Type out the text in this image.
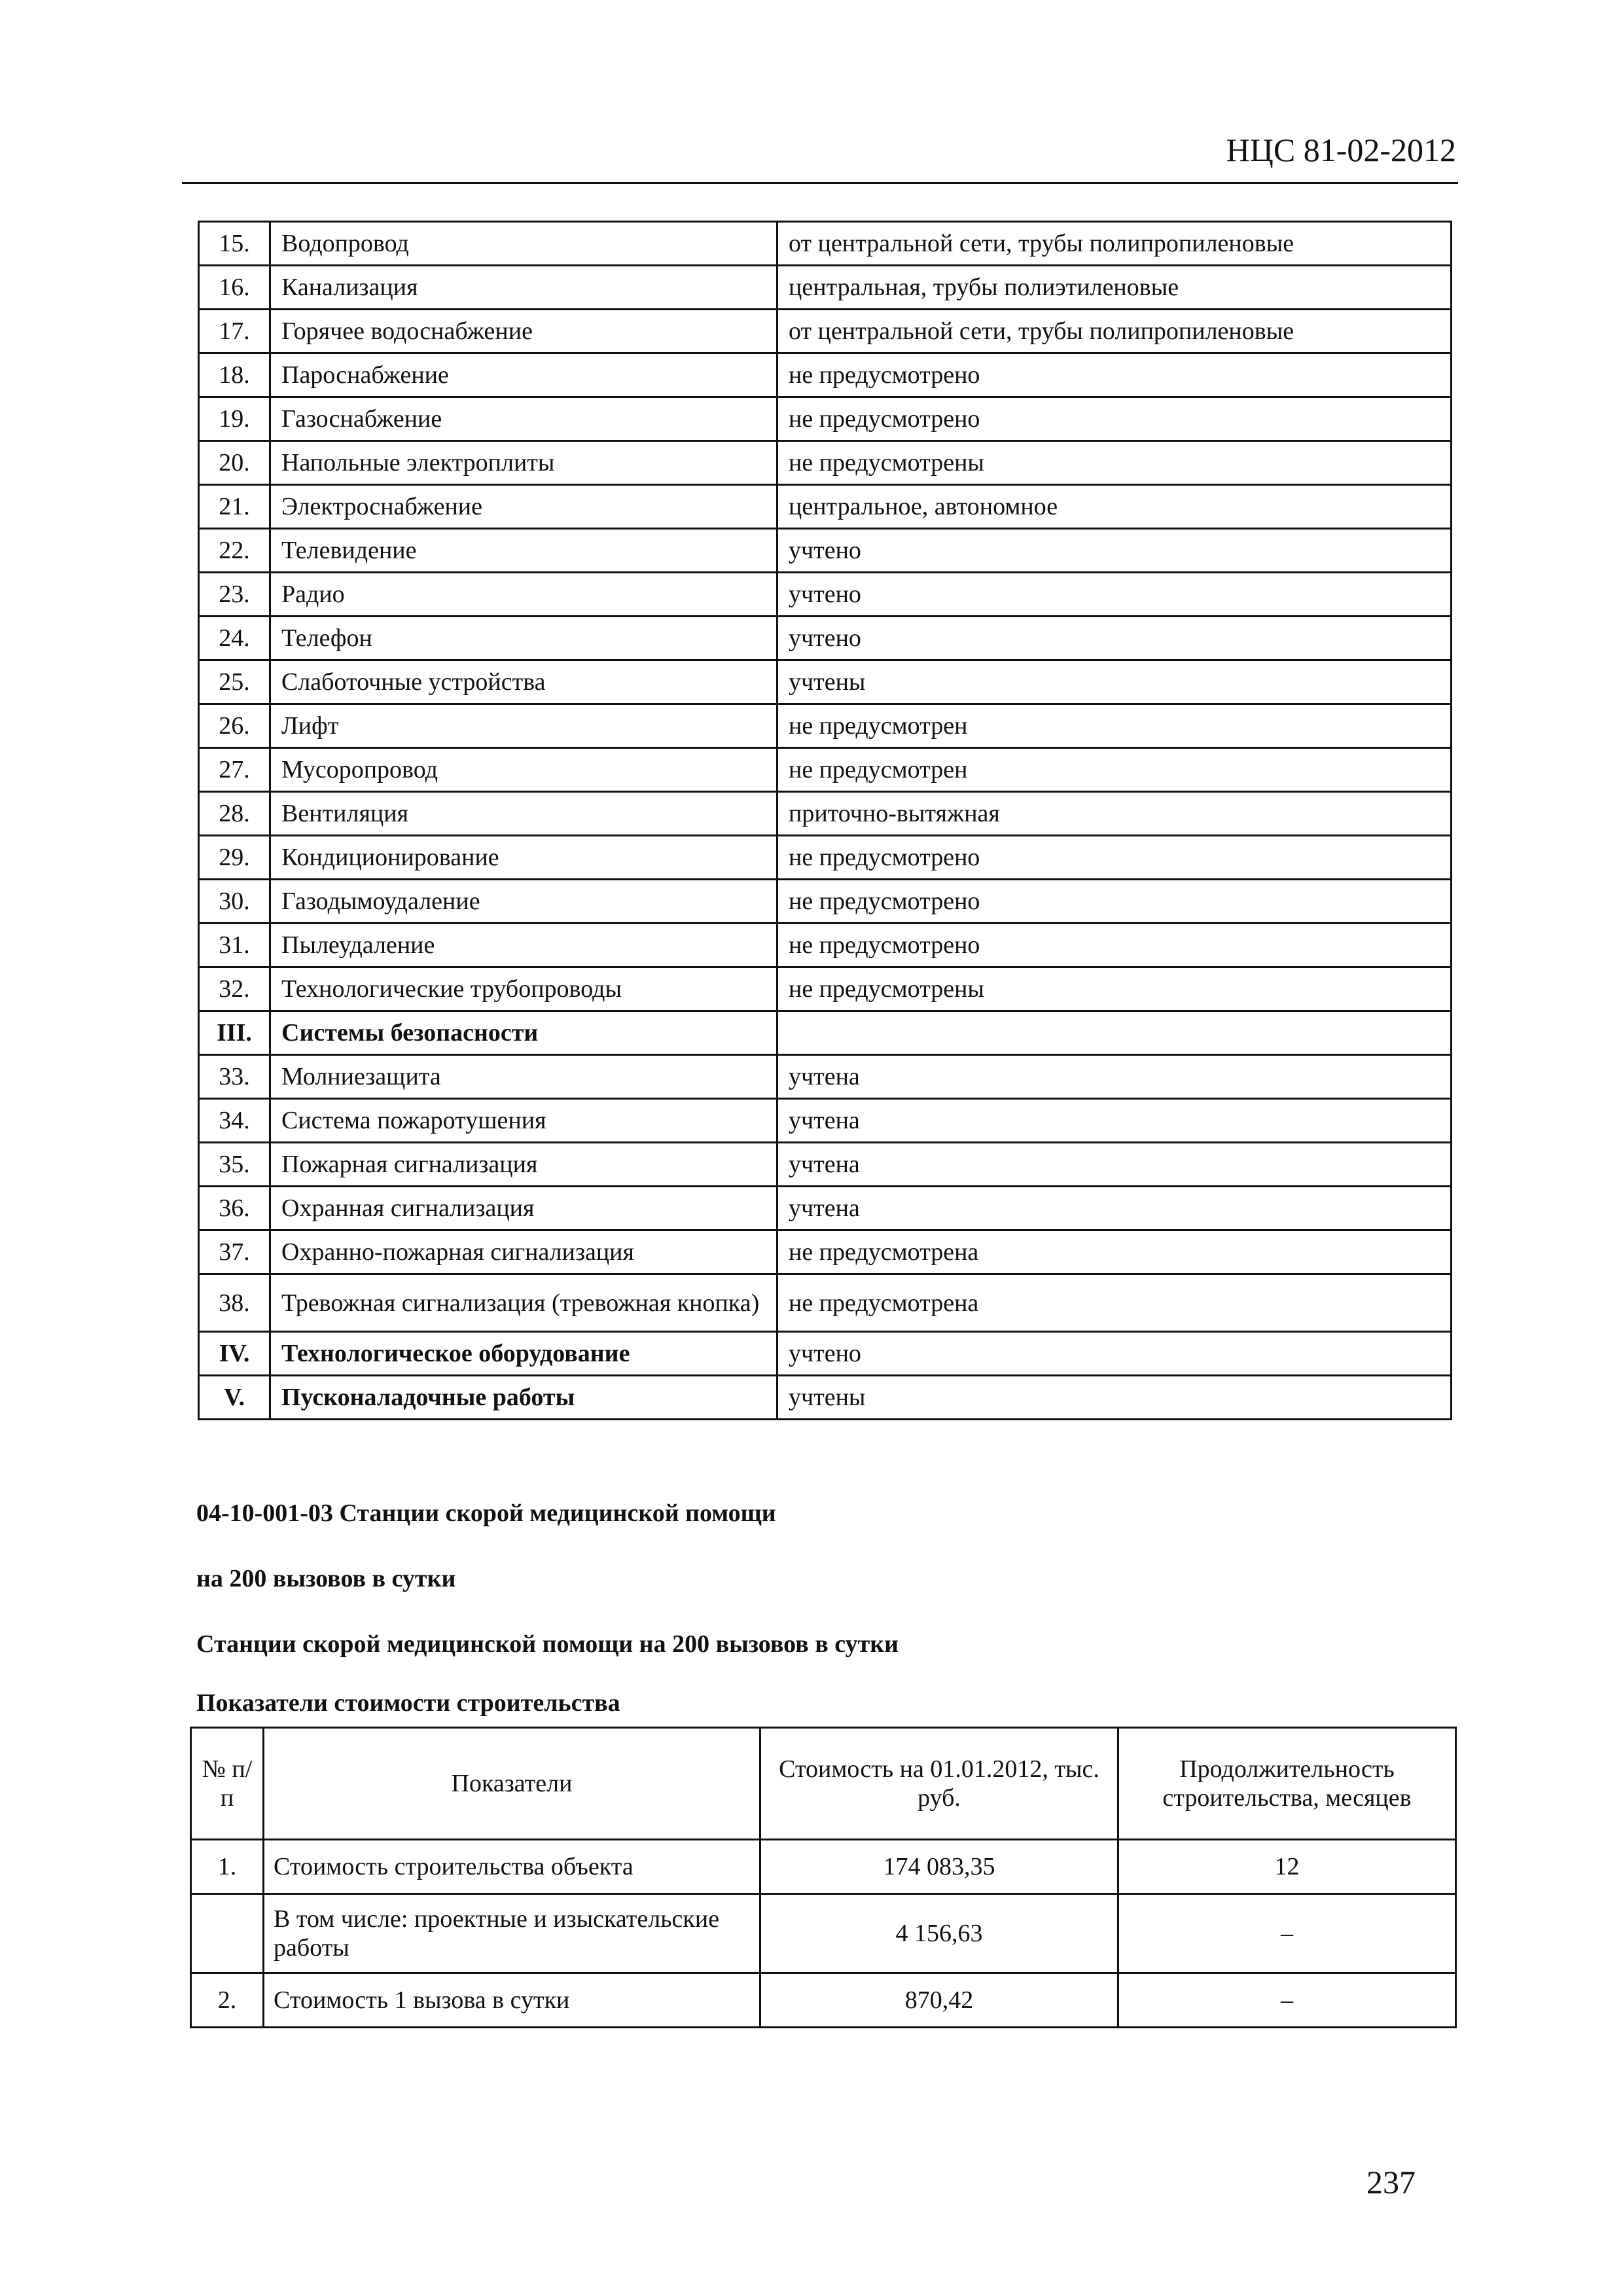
НЦС 81-02-2012
15.	Водопровод	от центральной сети, трубы полипропиленовые
16.	Канализация	центральная, трубы полиэтиленовые
17.	Горячее водоснабжение	от центральной сети, трубы полипропиленовые
18.	Пароснабжение	не предусмотрено
19.	Газоснабжение	не предусмотрено
20.	Напольные электроплиты	не предусмотрены
21.	Электроснабжение	центральное, автономное
22.	Телевидение	учтено
23.	Радио	учтено
24.	Телефон	учтено
25.	Слаботочные устройства	учтены
26.	Лифт	не предусмотрен
27.	Мусоропровод	не предусмотрен
28.	Вентиляция	приточно-вытяжная
29.	Кондиционирование	не предусмотрено
30.	Газодымоудаление	не предусмотрено
31.	Пылеудаление	не предусмотрено
32.	Технологические трубопроводы	не предусмотрены
III.	Системы безопасности	
33.	Молниезащита	учтена
34.	Система пожаротушения	учтена
35.	Пожарная сигнализация	учтена
36.	Охранная сигнализация	учтена
37.	Охранно-пожарная сигнализация	не предусмотрена
38.	Тревожная сигнализация (тревожная кнопка)	не предусмотрена
IV.	Технологическое оборудование	учтено
V.	Пусконаладочные работы	учтены
04-10-001-03 Станции скорой медицинской помощи
на 200 вызовов в сутки
Станции скорой медицинской помощи на 200 вызовов в сутки
Показатели стоимости строительства
№ п/п	Показатели	Стоимость на 01.01.2012, тыс. руб.	Продолжительность строительства, месяцев
1.	Стоимость строительства объекта	174 083,35	12
	В том числе: проектные и изыскательские работы	4 156,63	–
2.	Стоимость 1 вызова в сутки	870,42	–
237
